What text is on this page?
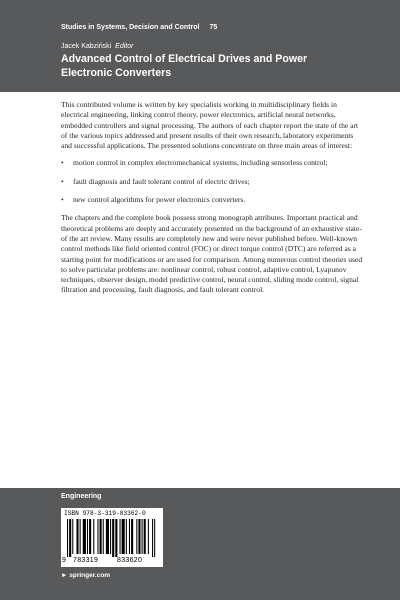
Studies in Systems, Decision and Control 75
Jacek Kabziński Editor
Advanced Control of Electrical Drives and Power Electronic Converters

This contributed volume is written by key specialists working in multidisciplinary fields in electrical engineering, linking control theory, power electronics, artificial neural networks, embedded controllers and signal processing. The authors of each chapter report the state of the art of the various topics addressed and present results of their own research, laboratory experiments and successful applications. The presented solutions concentrate on three main areas of interest:

• motion control in complex electromechanical systems, including sensorless control;
• fault diagnosis and fault tolerant control of electric drives;
• new control algorithms for power electronics converters.

The chapters and the complete book possess strong monograph attributes. Important practical and theoretical problems are deeply and accurately presented on the background of an exhaustive state-of the art review. Many results are completely new and were never published before. Well-known control methods like field oriented control (FOC) or direct torque control (DTC) are referred as a starting point for modifications or are used for comparison. Among numerous control theories used to solve particular problems are: nonlinear control, robust control, adaptive control, Lyapunov techniques, observer design, model predictive control, neural control, sliding mode control, signal filtration and processing, fault diagnosis, and fault tolerant control.

Engineering
ISBN 978-3-319-83362-0
9 783319	833620
► springer.com
